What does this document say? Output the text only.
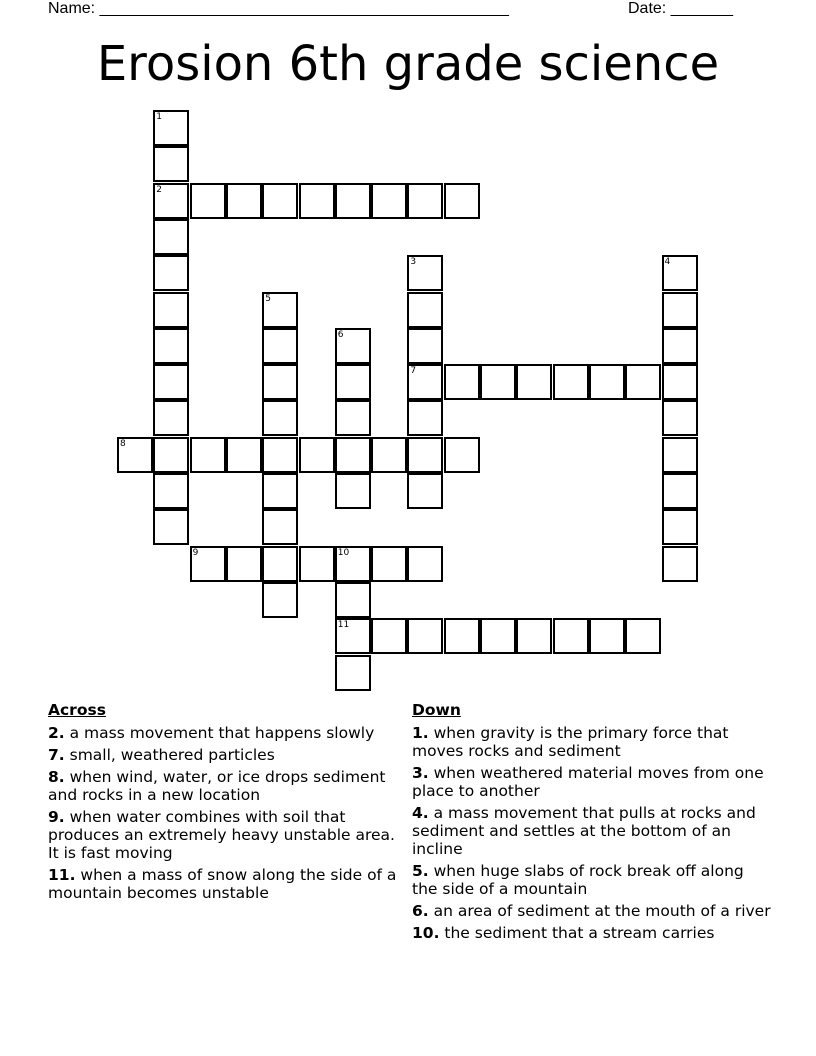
Name: ______________________________________________	Date: _______
Erosion 6th grade science
1
2
3
7
4
5
6
8
9	10
11
Across
2. a mass movement that happens slowly
7. small, weathered particles
8. when wind, water, or ice drops sediment and rocks in a new location
9. when water combines with soil that produces an extremely heavy unstable area. It is fast moving
11. when a mass of snow along the side of a mountain becomes unstable
Down
1. when gravity is the primary force that moves rocks and sediment
3. when weathered material moves from one place to another
4. a mass movement that pulls at rocks and sediment and settles at the bottom of an incline
5. when huge slabs of rock break off along the side of a mountain
6. an area of sediment at the mouth of a river
10. the sediment that a stream carries
